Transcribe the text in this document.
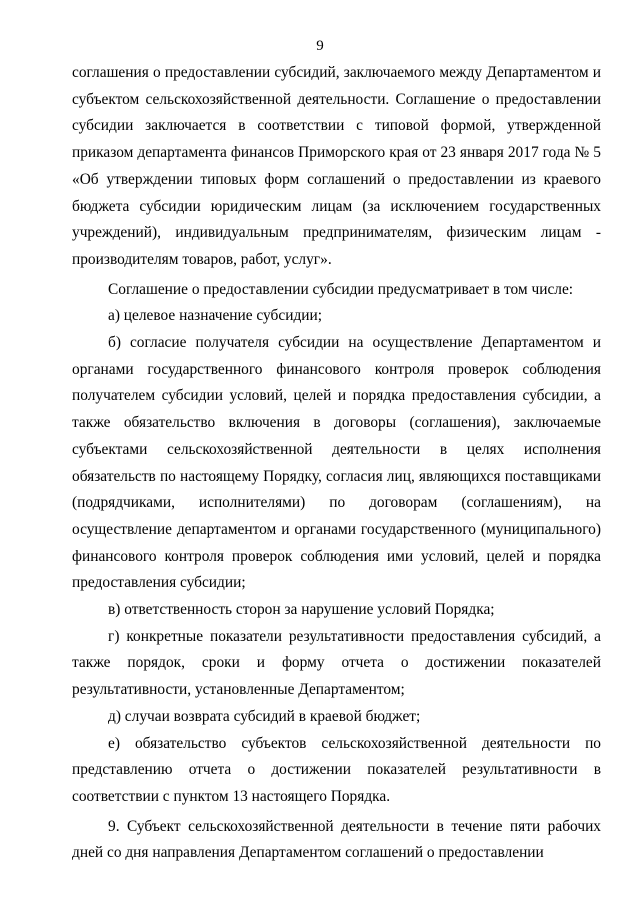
9

соглашения о предоставлении субсидий, заключаемого между Департаментом и субъектом сельскохозяйственной деятельности. Соглашение о предоставлении субсидии заключается в соответствии с типовой формой, утвержденной приказом департамента финансов Приморского края от 23 января 2017 года № 5 «Об утверждении типовых форм соглашений о предоставлении из краевого бюджета субсидии юридическим лицам (за исключением государственных учреждений), индивидуальным предпринимателям, физическим лицам - производителям товаров, работ, услуг».

Соглашение о предоставлении субсидии предусматривает в том числе:

а) целевое назначение субсидии;

б) согласие получателя субсидии на осуществление Департаментом и органами государственного финансового контроля проверок соблюдения получателем субсидии условий, целей и порядка предоставления субсидии, а также обязательство включения в договоры (соглашения), заключаемые субъектами сельскохозяйственной деятельности в целях исполнения обязательств по настоящему Порядку, согласия лиц, являющихся поставщиками (подрядчиками, исполнителями) по договорам (соглашениям), на осуществление департаментом и органами государственного (муниципального) финансового контроля проверок соблюдения ими условий, целей и порядка предоставления субсидии;

в) ответственность сторон за нарушение условий Порядка;

г) конкретные показатели результативности предоставления субсидий, а также порядок, сроки и форму отчета о достижении показателей результативности, установленные Департаментом;

д) случаи возврата субсидий в краевой бюджет;

е) обязательство субъектов сельскохозяйственной деятельности по представлению отчета о достижении показателей результативности в соответствии с пунктом 13 настоящего Порядка.

9. Субъект сельскохозяйственной деятельности в течение пяти рабочих дней со дня направления Департаментом соглашений о предоставлении
